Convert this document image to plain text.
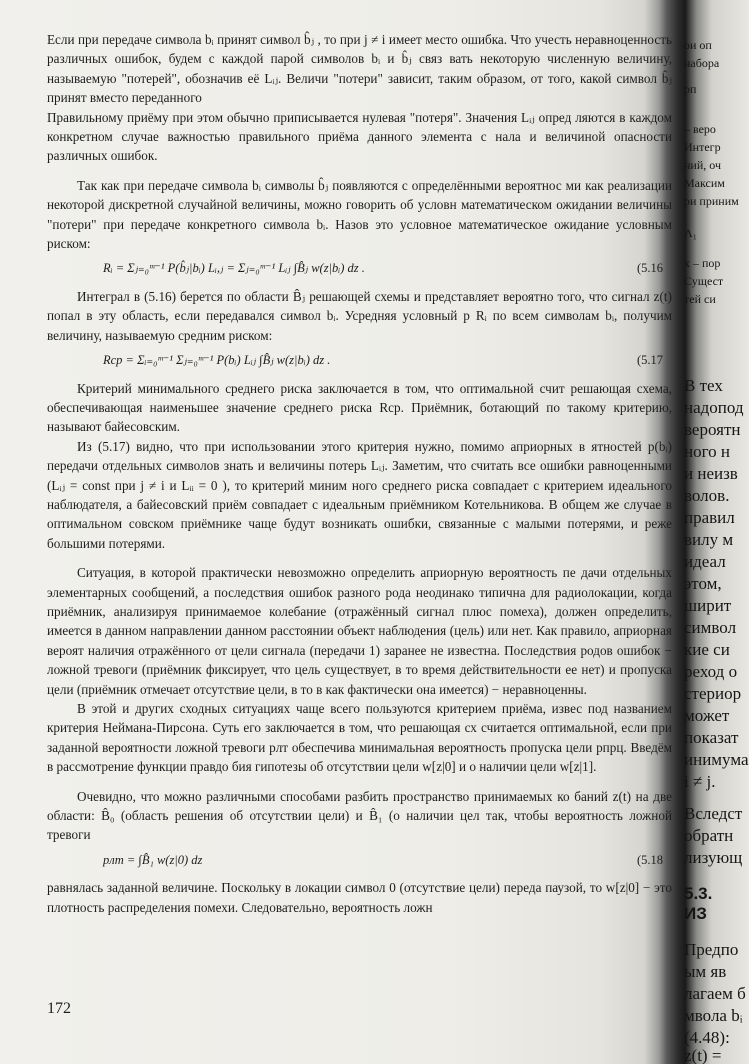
Если при передаче символа bᵢ принят символ b̂ⱼ , то при j ≠ i имеет место ошибка. Что учесть неравноценность различных ошибок, будем с каждой парой символов bᵢ и b̂ⱼ связ вать некоторую численную величину, называемую "потерей", обозначив её Lᵢⱼ. Величи "потери" зависит, таким образом, от того, какой символ b̂ⱼ принят вместо переданного

Правильному приёму при этом обычно приписывается нулевая "потеря". Значения Lᵢⱼ опред ляются в каждом конкретном случае важностью правильного приёма данного элемента с нала и величиной опасности различных ошибок.

Так как при передаче символа bᵢ символы b̂ⱼ появляются с определёнными вероятнос ми как реализации некоторой дискретной случайной величины, можно говорить об условн математическом ожидании величины "потери" при передаче конкретного символа bᵢ. Назов это условное математическое ожидание условным риском:

Rᵢ = Σⱼ₌₀ᵐ⁻¹ P(b̂ⱼ|bᵢ) Lᵢ,ⱼ = Σⱼ₌₀ᵐ⁻¹ Lᵢⱼ ∫B̂ⱼ w(z|bᵢ) dz .	(5.16

Интеграл в (5.16) берется по области B̂ⱼ решающей схемы и представляет вероятно того, что сигнал z(t) попал в эту область, если передавался символ bᵢ. Усредняя условный р Rᵢ по всем символам bᵢ, получим величину, называемую средним риском:

Rср = Σᵢ₌₀ᵐ⁻¹ Σⱼ₌₀ᵐ⁻¹ P(bᵢ) Lᵢⱼ ∫B̂ⱼ w(z|bᵢ) dz .	(5.17

Критерий минимального среднего риска заключается в том, что оптимальной счит решающая схема, обеспечивающая наименьшее значение среднего риска Rср. Приёмник, ботающий по такому критерию, называют байесовским.

Из (5.17) видно, что при использовании этого критерия нужно, помимо априорных в ятностей p(bᵢ) передачи отдельных символов знать и величины потерь Lᵢⱼ. Заметим, что считать все ошибки равноценными (Lᵢⱼ = const при j ≠ i и Lᵢᵢ = 0 ), то критерий миним ного среднего риска совпадает с критерием идеального наблюдателя, а байесовский приём совпадает с идеальным приёмником Котельникова. В общем же случае в оптимальном совском приёмнике чаще будут возникать ошибки, связанные с малыми потерями, и реже большими потерями.

Ситуация, в которой практически невозможно определить априорную вероятность пе дачи отдельных элементарных сообщений, а последствия ошибок разного рода неодинако типична для радиолокации, когда приёмник, анализируя принимаемое колебание (отражённый сигнал плюс помеха), должен определить, имеется в данном направлении данном расстоянии объект наблюдения (цель) или нет. Как правило, априорная вероят наличия отражённого от цели сигнала (передачи 1) заранее не известна. Последствия родов ошибок − ложной тревоги (приёмник фиксирует, что цель существует, в то время действительности ее нет) и пропуска цели (приёмник отмечает отсутствие цели, в то в как фактически она имеется) − неравноценны.

В этой и других сходных ситуациях чаще всего пользуются критерием приёма, извес под названием критерия Неймана-Пирсона. Суть его заключается в том, что решающая сх считается оптимальной, если при заданной вероятности ложной тревоги pлт обеспечива минимальная вероятность пропуска цели pпрц. Введём в рассмотрение функции правдо бия гипотезы об отсутствии цели w[z|0] и о наличии цели w[z|1].

Очевидно, что можно различными способами разбить пространство принимаемых ко баний z(t) на две области: B̂₀ (область решения об отсутствии цели) и B̂₁ (о наличии цел так, чтобы вероятность ложной тревоги

pлт = ∫B̂₁ w(z|0) dz	(5.18

равнялась заданной величине. Поскольку в локации символ 0 (отсутствие цели) переда паузой, то w[z|0] − это плотность распределения помехи. Следовательно, вероятность ложн

172
ои оп
набора
pп
– веро
Интегр
ний, оч
Максим
ри приним
Λ₁
х – пор
Сущест
тей си
В тех
надопод
вероятн
ного н
и неизв
волов.
правил
вилу м
идеал
этом,
ширит
символ
кие си
реход о
стериор
может
показат
инимума
i ≠ j.
Вследст
обратн
лизующ
5.3.
ИЗ
Предпо
ым яв
лагаем б
мвола bᵢ
(4.48):
z(t) =
